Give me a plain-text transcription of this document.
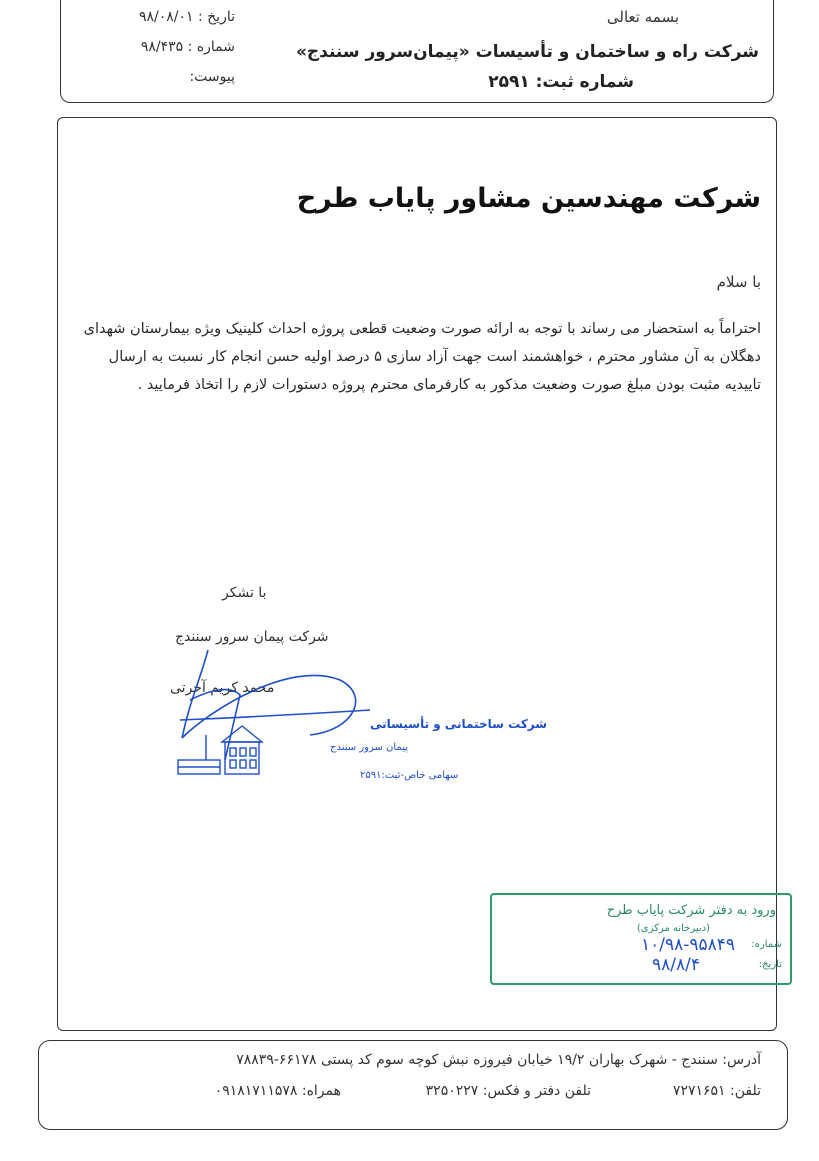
تاریخ : ۹۸/۰۸/۰۱
شماره : ۹۸/۴۳۵
پیوست:
بسمه تعالی
شرکت راه و ساختمان و تأسیسات «پیمان‌سرور سنندج»
شماره ثبت: ۲۵۹۱
شرکت مهندسین مشاور پایاب طرح
با سلام

احتراماً به استحضار می رساند با توجه به ارائه صورت وضعیت قطعی پروژه احداث کلینیک ویژه بیمارستان شهدای

دهگلان به آن مشاور محترم ، خواهشمند است جهت آزاد سازی ۵ درصد اولیه حسن انجام کار نسبت به ارسال

تاییدیه مثبت بودن مبلغ صورت وضعیت مذکور به کارفرمای محترم پروژه دستورات لازم را اتخاذ فرمایید .

با تشکر
شرکت پیمان سرور سنندج
محمد کریم آخرتی
شرکت ساختمانی و تأسیساتی
پیمان سرور سنندج
سهامی خاص-ثبت:۲۵۹۱
ورود به دفتر شرکت پایاب طرح
(دبیرخانه مرکزی)
شماره:
۱۰/۹۸-۹۵۸۴۹
تاریخ:
۹۸/۸/۴
آدرس: سنندج - شهرک بهاران ۱۹/۲ خیابان فیروزه نبش کوچه سوم کد پستی ۶۶۱۷۸-۷۸۸۳۹
تلفن: ۷۲۷۱۶۵۱
تلفن دفتر و فکس: ۳۲۵۰۲۲۷
همراه: ۰۹۱۸۱۷۱۱۵۷۸
